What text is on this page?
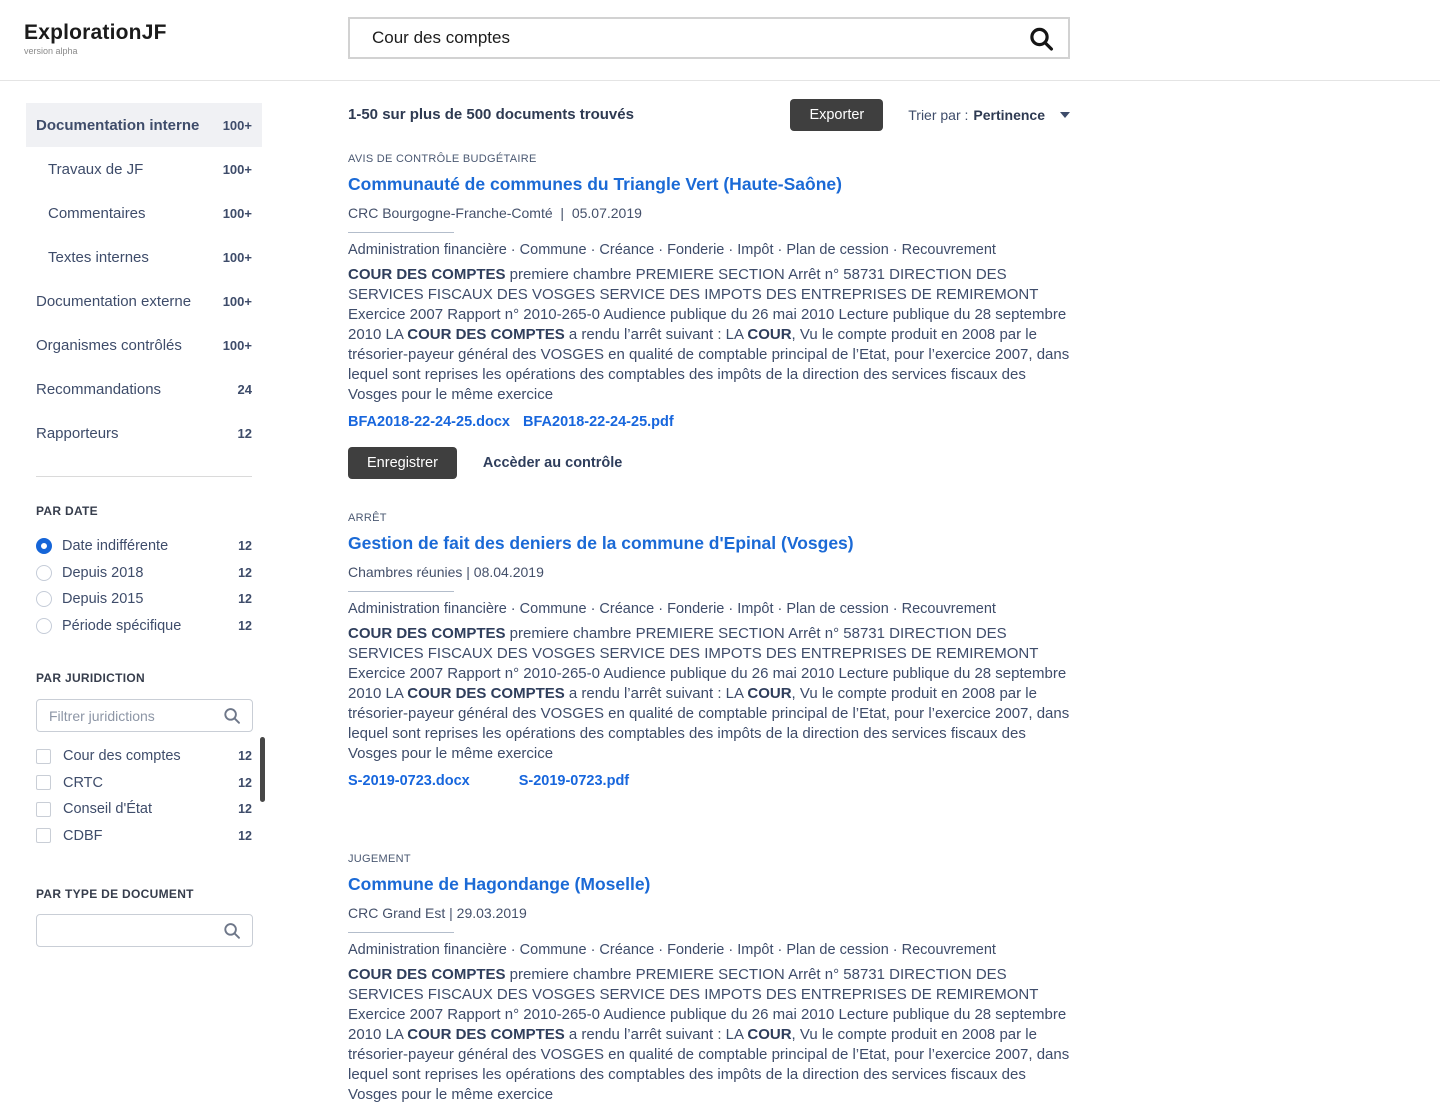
ExplorationJF
version alpha
Cour des comptes
Documentation interne 100+
Travaux de JF	100+
Commentaires	100+
Textes internes	100+
Documentation externe 100+
Organismes contrôlés	100+
Recommandations	24
Rapporteurs	12
PAR DATE
Date indifférente	12
Depuis 2018	12
Depuis 2015	12
Période spécifique	12
PAR JURIDICTION
Filtrer juridictions
Cour des comptes	12
CRTC	12
Conseil d'État	12
CDBF	12
PAR TYPE DE DOCUMENT
1-50 sur plus de 500 documents trouvés	Exporter	Trier par : Pertinence
AVIS DE CONTRÔLE BUDGÉTAIRE
Communauté de communes du Triangle Vert (Haute-Saône)
CRC Bourgogne-Franche-Comté  |  05.07.2019
Administration financière · Commune · Créance · Fonderie · Impôt · Plan de cession · Recouvrement

COUR DES COMPTES premiere chambre PREMIERE SECTION Arrêt n° 58731 DIRECTION DES SERVICES FISCAUX DES VOSGES SERVICE DES IMPOTS DES ENTREPRISES DE REMIREMONT Exercice 2007 Rapport n° 2010-265-0 Audience publique du 26 mai 2010 Lecture publique du 28 septembre 2010 LA COUR DES COMPTES a rendu l’arrêt suivant : LA COUR, Vu le compte produit en 2008 par le trésorier-payeur général des VOSGES en qualité de comptable principal de l’Etat, pour l’exercice 2007, dans lequel sont reprises les opérations des comptables des impôts de la direction des services fiscaux des Vosges pour le même exercice

BFA2018-22-24-25.docx BFA2018-22-24-25.pdf
Enregistrer	Accèder au contrôle
ARRÊT
Gestion de fait des deniers de la commune d'Epinal (Vosges)
Chambres réunies | 08.04.2019
Administration financière · Commune · Créance · Fonderie · Impôt · Plan de cession · Recouvrement

COUR DES COMPTES premiere chambre PREMIERE SECTION Arrêt n° 58731 DIRECTION DES SERVICES FISCAUX DES VOSGES SERVICE DES IMPOTS DES ENTREPRISES DE REMIREMONT Exercice 2007 Rapport n° 2010-265-0 Audience publique du 26 mai 2010 Lecture publique du 28 septembre 2010 LA COUR DES COMPTES a rendu l’arrêt suivant : LA COUR, Vu le compte produit en 2008 par le trésorier-payeur général des VOSGES en qualité de comptable principal de l’Etat, pour l’exercice 2007, dans lequel sont reprises les opérations des comptables des impôts de la direction des services fiscaux des Vosges pour le même exercice

S-2019-0723.docx	S-2019-0723.pdf
JUGEMENT
Commune de Hagondange (Moselle)
CRC Grand Est | 29.03.2019
Administration financière · Commune · Créance · Fonderie · Impôt · Plan de cession · Recouvrement

COUR DES COMPTES premiere chambre PREMIERE SECTION Arrêt n° 58731 DIRECTION DES SERVICES FISCAUX DES VOSGES SERVICE DES IMPOTS DES ENTREPRISES DE REMIREMONT Exercice 2007 Rapport n° 2010-265-0 Audience publique du 26 mai 2010 Lecture publique du 28 septembre 2010 LA COUR DES COMPTES a rendu l’arrêt suivant : LA COUR, Vu le compte produit en 2008 par le trésorier-payeur général des VOSGES en qualité de comptable principal de l’Etat, pour l’exercice 2007, dans lequel sont reprises les opérations des comptables des impôts de la direction des services fiscaux des Vosges pour le même exercice
